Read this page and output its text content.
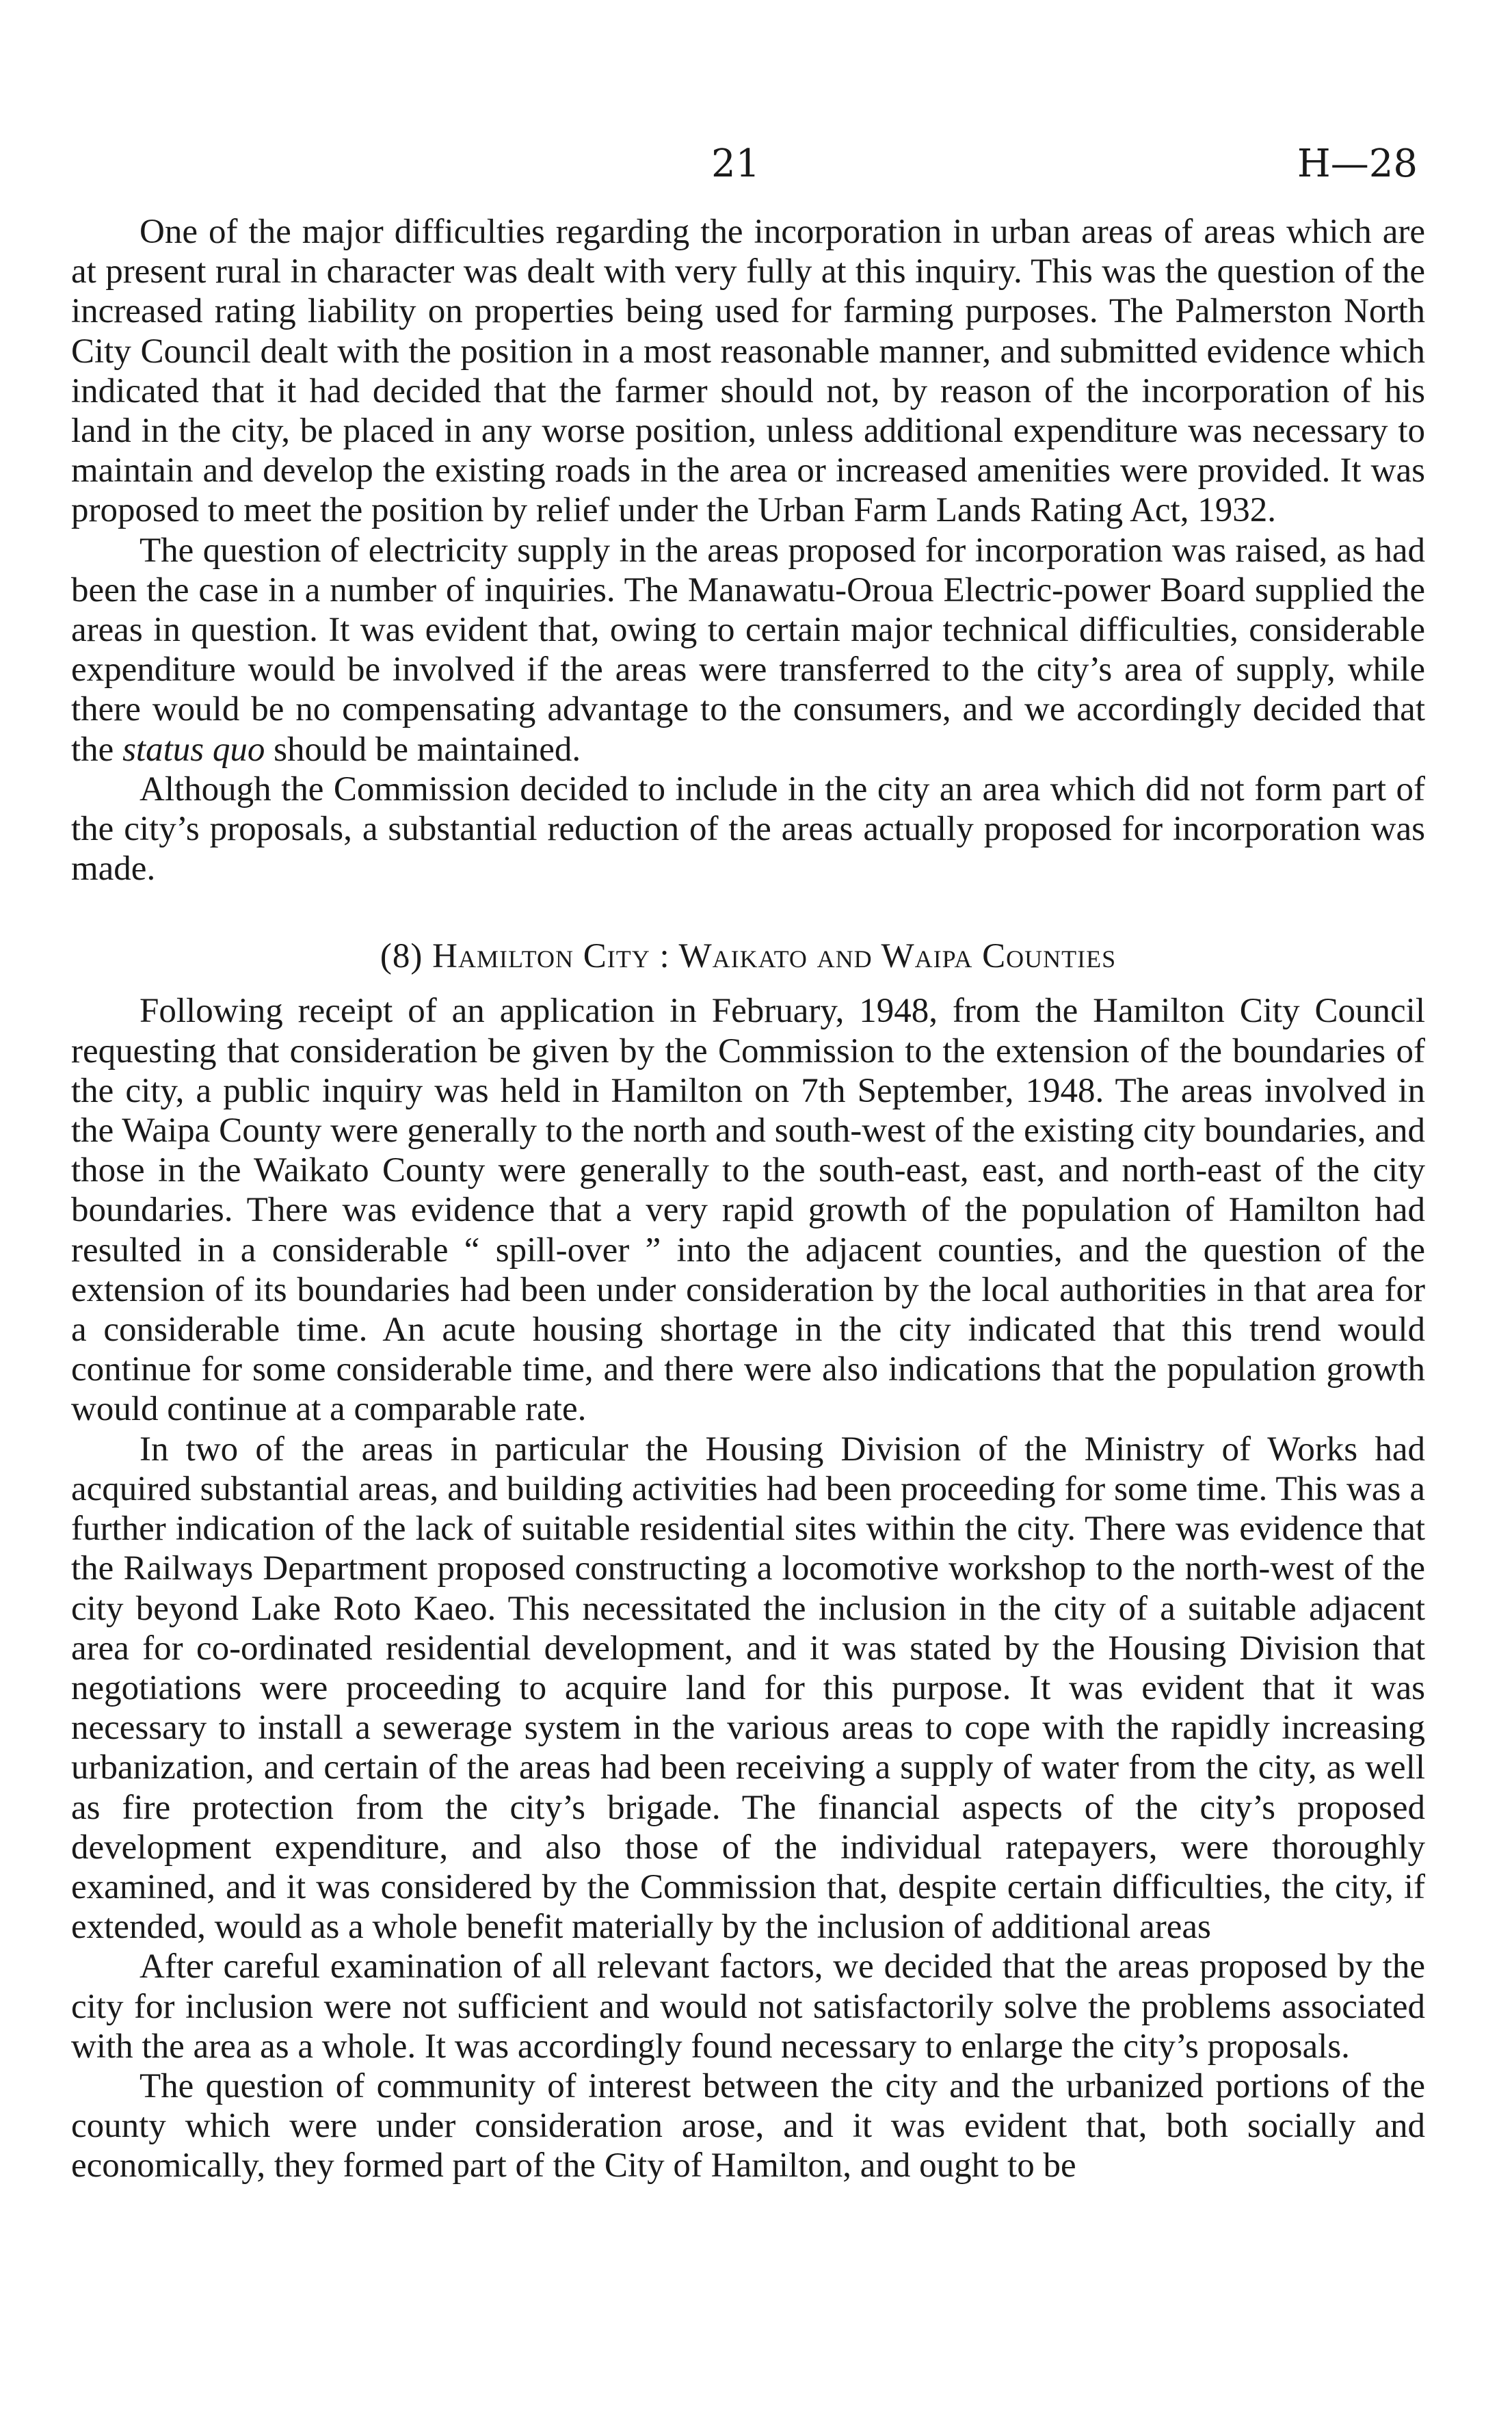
21	H—28

One of the major difficulties regarding the incorporation in urban areas of areas which are at present rural in character was dealt with very fully at this inquiry. This was the question of the increased rating liability on properties being used for farming purposes. The Palmerston North City Council dealt with the position in a most reasonable manner, and submitted evidence which indicated that it had decided that the farmer should not, by reason of the incorporation of his land in the city, be placed in any worse position, unless additional expenditure was necessary to maintain and develop the existing roads in the area or increased amenities were provided. It was proposed to meet the position by relief under the Urban Farm Lands Rating Act, 1932.

The question of electricity supply in the areas proposed for incorporation was raised, as had been the case in a number of inquiries. The Manawatu-Oroua Electric-power Board supplied the areas in question. It was evident that, owing to certain major technical difficulties, considerable expenditure would be involved if the areas were transferred to the city’s area of supply, while there would be no compensating advantage to the consumers, and we accordingly decided that the status quo should be maintained.

Although the Commission decided to include in the city an area which did not form part of the city’s proposals, a substantial reduction of the areas actually proposed for incorporation was made.

(8) Hamilton City : Waikato and Waipa Counties

Following receipt of an application in February, 1948, from the Hamilton City Council requesting that consideration be given by the Commission to the extension of the boundaries of the city, a public inquiry was held in Hamilton on 7th September, 1948. The areas involved in the Waipa County were generally to the north and south-west of the existing city boundaries, and those in the Waikato County were generally to the south-east, east, and north-east of the city boundaries. There was evidence that a very rapid growth of the population of Hamilton had resulted in a considerable “ spill-over ” into the adjacent counties, and the question of the extension of its boundaries had been under consideration by the local authorities in that area for a considerable time. An acute housing shortage in the city indicated that this trend would continue for some considerable time, and there were also indications that the population growth would continue at a comparable rate.

In two of the areas in particular the Housing Division of the Ministry of Works had acquired substantial areas, and building activities had been proceeding for some time. This was a further indication of the lack of suitable residential sites within the city. There was evidence that the Railways Department proposed constructing a locomotive workshop to the north-west of the city beyond Lake Roto Kaeo. This necessitated the inclusion in the city of a suitable adjacent area for co-ordinated residential development, and it was stated by the Housing Division that negotiations were proceeding to acquire land for this purpose. It was evident that it was necessary to install a sewerage system in the various areas to cope with the rapidly increasing urbanization, and certain of the areas had been receiving a supply of water from the city, as well as fire protection from the city’s brigade. The financial aspects of the city’s proposed development expenditure, and also those of the individual ratepayers, were thoroughly examined, and it was considered by the Commission that, despite certain difficulties, the city, if extended, would as a whole benefit materially by the inclusion of additional areas

After careful examination of all relevant factors, we decided that the areas proposed by the city for inclusion were not sufficient and would not satisfactorily solve the problems associated with the area as a whole. It was accordingly found necessary to enlarge the city’s proposals.

The question of community of interest between the city and the urbanized portions of the county which were under consideration arose, and it was evident that, both socially and economically, they formed part of the City of Hamilton, and ought to be
